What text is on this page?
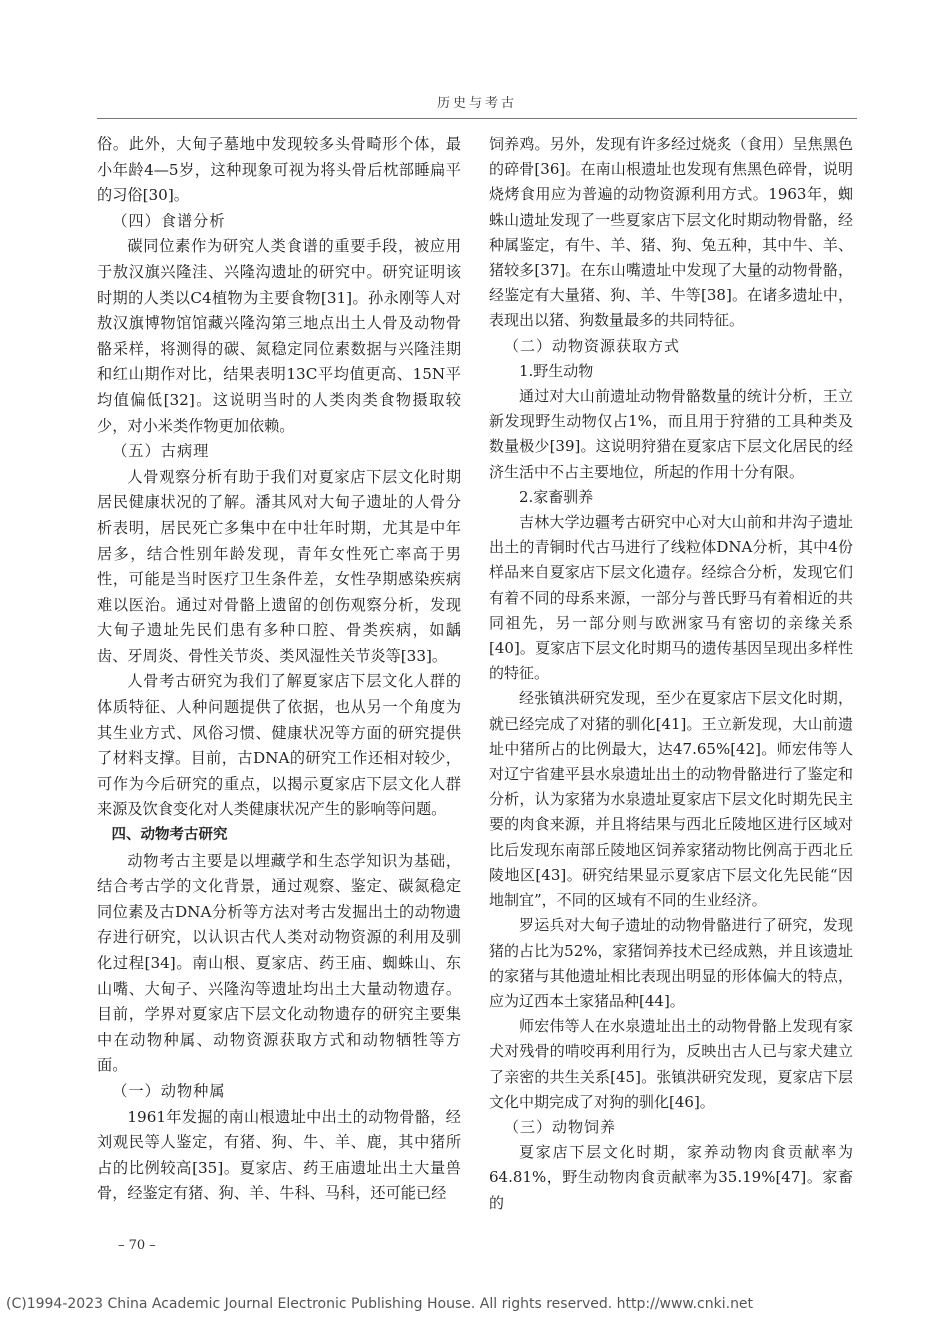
历史与考古

俗。此外，大甸子墓地中发现较多头骨畸形个体，最小年龄4—5岁，这种现象可视为将头骨后枕部睡扁平的习俗[30]。

（四）食谱分析

碳同位素作为研究人类食谱的重要手段，被应用于敖汉旗兴隆洼、兴隆沟遗址的研究中。研究证明该时期的人类以C4植物为主要食物[31]。孙永刚等人对敖汉旗博物馆馆藏兴隆沟第三地点出土人骨及动物骨骼采样，将测得的碳、氮稳定同位素数据与兴隆洼期和红山期作对比，结果表明13C平均值更高、15N平均值偏低[32]。这说明当时的人类肉类食物摄取较少，对小米类作物更加依赖。

（五）古病理

人骨观察分析有助于我们对夏家店下层文化时期居民健康状况的了解。潘其风对大甸子遗址的人骨分析表明，居民死亡多集中在中壮年时期，尤其是中年居多，结合性别年龄发现，青年女性死亡率高于男性，可能是当时医疗卫生条件差，女性孕期感染疾病难以医治。通过对骨骼上遗留的创伤观察分析，发现大甸子遗址先民们患有多种口腔、骨类疾病，如龋齿、牙周炎、骨性关节炎、类风湿性关节炎等[33]。

人骨考古研究为我们了解夏家店下层文化人群的体质特征、人种问题提供了依据，也从另一个角度为其生业方式、风俗习惯、健康状况等方面的研究提供了材料支撑。目前，古DNA的研究工作还相对较少，可作为今后研究的重点，以揭示夏家店下层文化人群来源及饮食变化对人类健康状况产生的影响等问题。

四、动物考古研究

动物考古主要是以埋藏学和生态学知识为基础，结合考古学的文化背景，通过观察、鉴定、碳氮稳定同位素及古DNA分析等方法对考古发掘出土的动物遗存进行研究，以认识古代人类对动物资源的利用及驯化过程[34]。南山根、夏家店、药王庙、蜘蛛山、东山嘴、大甸子、兴隆沟等遗址均出土大量动物遗存。目前，学界对夏家店下层文化动物遗存的研究主要集中在动物种属、动物资源获取方式和动物牺牲等方面。

（一）动物种属

1961年发掘的南山根遗址中出土的动物骨骼，经刘观民等人鉴定，有猪、狗、牛、羊、鹿，其中猪所占的比例较高[35]。夏家店、药王庙遗址出土大量兽骨，经鉴定有猪、狗、羊、牛科、马科，还可能已经

饲养鸡。另外，发现有许多经过烧炙（食用）呈焦黑色的碎骨[36]。在南山根遗址也发现有焦黑色碎骨，说明烧烤食用应为普遍的动物资源利用方式。1963年，蜘蛛山遗址发现了一些夏家店下层文化时期动物骨骼，经种属鉴定，有牛、羊、猪、狗、兔五种，其中牛、羊、猪较多[37]。在东山嘴遗址中发现了大量的动物骨骼，经鉴定有大量猪、狗、羊、牛等[38]。在诸多遗址中，表现出以猪、狗数量最多的共同特征。

（二）动物资源获取方式

1.野生动物

通过对大山前遗址动物骨骼数量的统计分析，王立新发现野生动物仅占1%，而且用于狩猎的工具种类及数量极少[39]。这说明狩猎在夏家店下层文化居民的经济生活中不占主要地位，所起的作用十分有限。

2.家畜驯养

吉林大学边疆考古研究中心对大山前和井沟子遗址出土的青铜时代古马进行了线粒体DNA分析，其中4份样品来自夏家店下层文化遗存。经综合分析，发现它们有着不同的母系来源，一部分与普氏野马有着相近的共同祖先，另一部分则与欧洲家马有密切的亲缘关系[40]。夏家店下层文化时期马的遗传基因呈现出多样性的特征。

经张镇洪研究发现，至少在夏家店下层文化时期，就已经完成了对猪的驯化[41]。王立新发现，大山前遗址中猪所占的比例最大，达47.65%[42]。师宏伟等人对辽宁省建平县水泉遗址出土的动物骨骼进行了鉴定和分析，认为家猪为水泉遗址夏家店下层文化时期先民主要的肉食来源，并且将结果与西北丘陵地区进行区域对比后发现东南部丘陵地区饲养家猪动物比例高于西北丘陵地区[43]。研究结果显示夏家店下层文化先民能“因地制宜”，不同的区域有不同的生业经济。

罗运兵对大甸子遗址的动物骨骼进行了研究，发现猪的占比为52%，家猪饲养技术已经成熟，并且该遗址的家猪与其他遗址相比表现出明显的形体偏大的特点，应为辽西本土家猪品种[44]。

师宏伟等人在水泉遗址出土的动物骨骼上发现有家犬对残骨的啃咬再利用行为，反映出古人已与家犬建立了亲密的共生关系[45]。张镇洪研究发现，夏家店下层文化中期完成了对狗的驯化[46]。

（三）动物饲养

夏家店下层文化时期，家养动物肉食贡献率为64.81%，野生动物肉食贡献率为35.19%[47]。家畜的

– 70 –
(C)1994-2023 China Academic Journal Electronic Publishing House. All rights reserved. http://www.cnki.net
